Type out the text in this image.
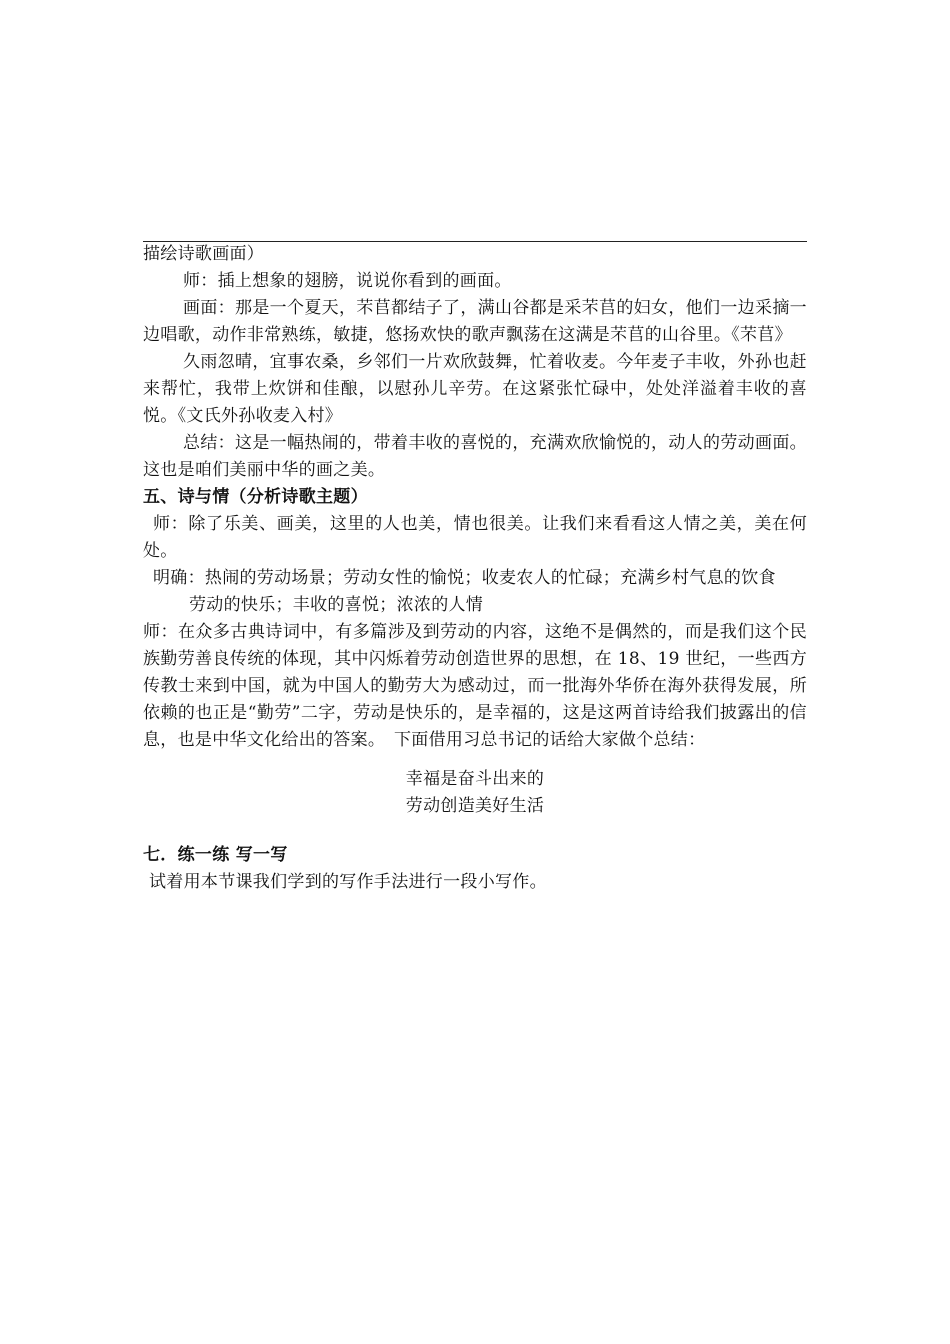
描绘诗歌画面）

师：插上想象的翅膀，说说你看到的画面。

画面：那是一个夏天，芣苢都结子了，满山谷都是采芣苢的妇女，他们一边采摘一边唱歌，动作非常熟练，敏捷，悠扬欢快的歌声飘荡在这满是芣苢的山谷里。《芣苢》

久雨忽晴，宜事农桑，乡邻们一片欢欣鼓舞，忙着收麦。今年麦子丰收，外孙也赶来帮忙，我带上炊饼和佳酿，以慰孙儿辛劳。在这紧张忙碌中，处处洋溢着丰收的喜悦。《文氏外孙收麦入村》

总结：这是一幅热闹的，带着丰收的喜悦的，充满欢欣愉悦的，动人的劳动画面。这也是咱们美丽中华的画之美。

五、诗与情（分析诗歌主题）

师：除了乐美、画美，这里的人也美，情也很美。让我们来看看这人情之美，美在何处。

明确：热闹的劳动场景；劳动女性的愉悦；收麦农人的忙碌；充满乡村气息的饮食

劳动的快乐；丰收的喜悦；浓浓的人情

师：在众多古典诗词中，有多篇涉及到劳动的内容，这绝不是偶然的，而是我们这个民族勤劳善良传统的体现，其中闪烁着劳动创造世界的思想，在 18、19 世纪，一些西方传教士来到中国，就为中国人的勤劳大为感动过，而一批海外华侨在海外获得发展，所依赖的也正是“勤劳”二字，劳动是快乐的，是幸福的，这是这两首诗给我们披露出的信息，也是中华文化给出的答案。　下面借用习总书记的话给大家做个总结：

幸福是奋斗出来的

劳动创造美好生活

七．练一练 写一写

试着用本节课我们学到的写作手法进行一段小写作。
